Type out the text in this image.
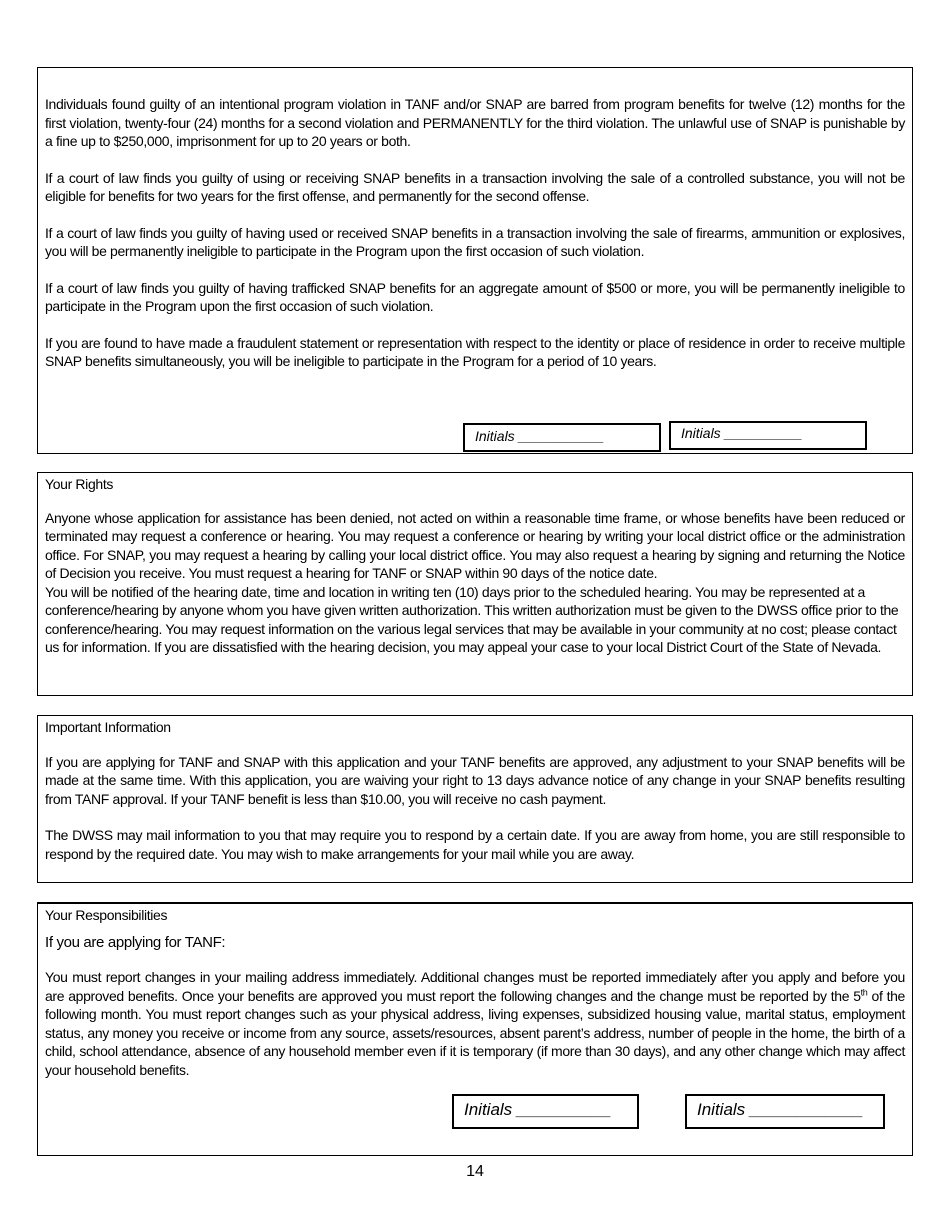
Individuals found guilty of an intentional program violation in TANF and/or SNAP are barred from program benefits for twelve (12) months for the first violation, twenty-four (24) months for a second violation and PERMANENTLY for the third violation. The unlawful use of SNAP is punishable by a fine up to $250,000, imprisonment for up to 20 years or both.

If a court of law finds you guilty of using or receiving SNAP benefits in a transaction involving the sale of a controlled substance, you will not be eligible for benefits for two years for the first offense, and permanently for the second offense.

If a court of law finds you guilty of having used or received SNAP benefits in a transaction involving the sale of firearms, ammunition or explosives, you will be permanently ineligible to participate in the Program upon the first occasion of such violation.

If a court of law finds you guilty of having trafficked SNAP benefits for an aggregate amount of $500 or more, you will be permanently ineligible to participate in the Program upon the first occasion of such violation.

If you are found to have made a fraudulent statement or representation with respect to the identity or place of residence in order to receive multiple SNAP benefits simultaneously, you will be ineligible to participate in the Program for a period of 10 years.

Initials ___________	Initials __________

Your Rights

Anyone whose application for assistance has been denied, not acted on within a reasonable time frame, or whose benefits have been reduced or terminated may request a conference or hearing. You may request a conference or hearing by writing your local district office or the administration office. For SNAP, you may request a hearing by calling your local district office. You may also request a hearing by signing and returning the Notice of Decision you receive. You must request a hearing for TANF or SNAP within 90 days of the notice date.

You will be notified of the hearing date, time and location in writing ten (10) days prior to the scheduled hearing. You may be represented at a conference/hearing by anyone whom you have given written authorization. This written authorization must be given to the DWSS office prior to the conference/hearing. You may request information on the various legal services that may be available in your community at no cost; please contact us for information. If you are dissatisfied with the hearing decision, you may appeal your case to your local District Court of the State of Nevada.

Important Information

If you are applying for TANF and SNAP with this application and your TANF benefits are approved, any adjustment to your SNAP benefits will be made at the same time. With this application, you are waiving your right to 13 days advance notice of any change in your SNAP benefits resulting from TANF approval. If your TANF benefit is less than $10.00, you will receive no cash payment.

The DWSS may mail information to you that may require you to respond by a certain date. If you are away from home, you are still responsible to respond by the required date. You may wish to make arrangements for your mail while you are away.

Your Responsibilities

If you are applying for TANF:

You must report changes in your mailing address immediately. Additional changes must be reported immediately after you apply and before you are approved benefits. Once your benefits are approved you must report the following changes and the change must be reported by the 5th of the following month. You must report changes such as your physical address, living expenses, subsidized housing value, marital status, employment status, any money you receive or income from any source, assets/resources, absent parent’s address, number of people in the home, the birth of a child, school attendance, absence of any household member even if it is temporary (if more than 30 days), and any other change which may affect your household benefits.

Initials __________	Initials ____________
14
